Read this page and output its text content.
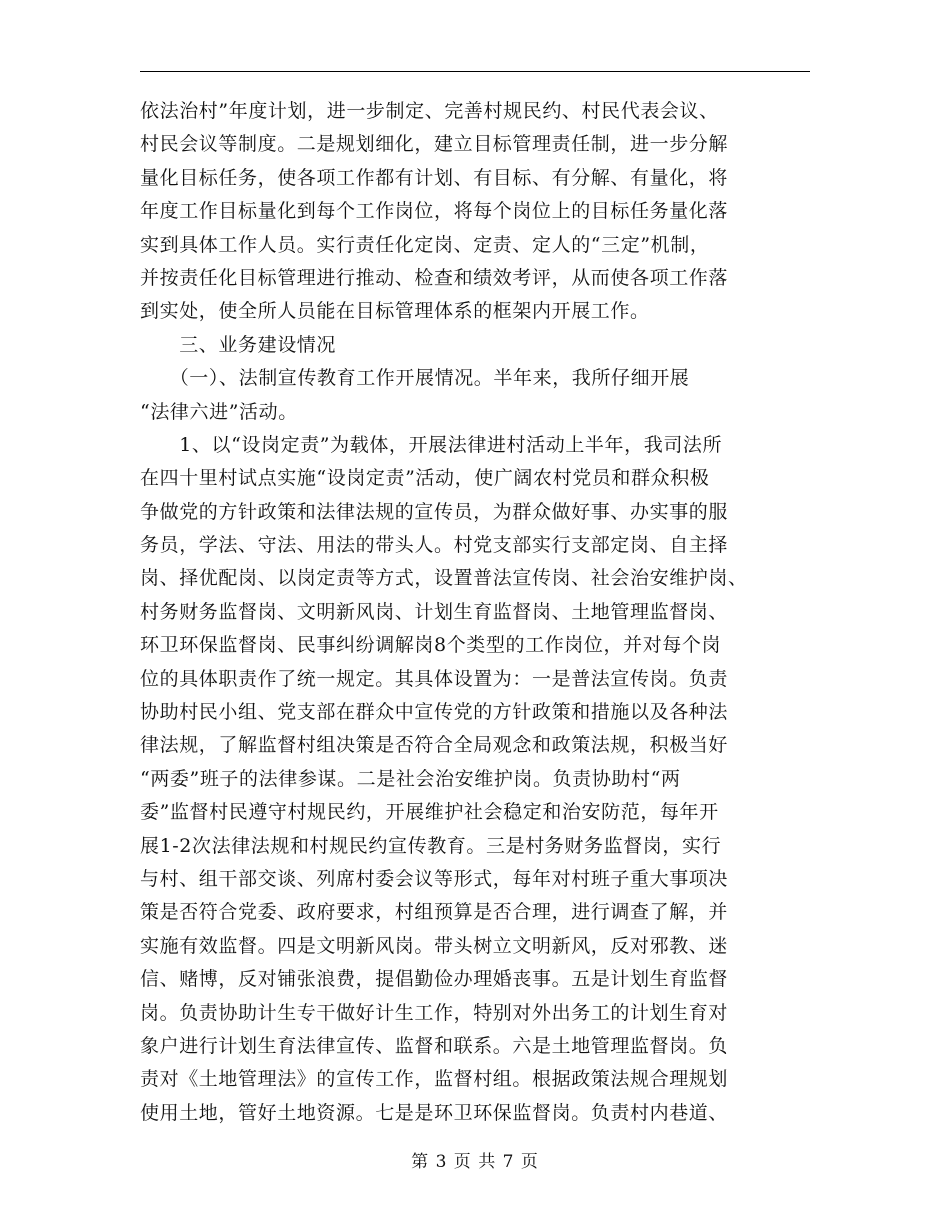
依法治村”年度计划，进一步制定、完善村规民约、村民代表会议、
村民会议等制度。二是规划细化，建立目标管理责任制，进一步分解
量化目标任务，使各项工作都有计划、有目标、有分解、有量化，将
年度工作目标量化到每个工作岗位，将每个岗位上的目标任务量化落
实到具体工作人员。实行责任化定岗、定责、定人的“三定”机制，
并按责任化目标管理进行推动、检查和绩效考评，从而使各项工作落
到实处，使全所人员能在目标管理体系的框架内开展工作。
　　三、业务建设情况
　　（一）、法制宣传教育工作开展情况。半年来，我所仔细开展
“法律六进”活动。
　　1、以“设岗定责”为载体，开展法律进村活动上半年，我司法所
在四十里村试点实施“设岗定责”活动，使广阔农村党员和群众积极
争做党的方针政策和法律法规的宣传员，为群众做好事、办实事的服
务员，学法、守法、用法的带头人。村党支部实行支部定岗、自主择
岗、择优配岗、以岗定责等方式，设置普法宣传岗、社会治安维护岗、
村务财务监督岗、文明新风岗、计划生育监督岗、土地管理监督岗、
环卫环保监督岗、民事纠纷调解岗8个类型的工作岗位，并对每个岗
位的具体职责作了统一规定。其具体设置为：一是普法宣传岗。负责
协助村民小组、党支部在群众中宣传党的方针政策和措施以及各种法
律法规，了解监督村组决策是否符合全局观念和政策法规，积极当好
“两委”班子的法律参谋。二是社会治安维护岗。负责协助村“两
委”监督村民遵守村规民约，开展维护社会稳定和治安防范，每年开
展1-2次法律法规和村规民约宣传教育。三是村务财务监督岗，实行
与村、组干部交谈、列席村委会议等形式，每年对村班子重大事项决
策是否符合党委、政府要求，村组预算是否合理，进行调查了解，并
实施有效监督。四是文明新风岗。带头树立文明新风，反对邪教、迷
信、赌博，反对铺张浪费，提倡勤俭办理婚丧事。五是计划生育监督
岗。负责协助计生专干做好计生工作，特别对外出务工的计划生育对
象户进行计划生育法律宣传、监督和联系。六是土地管理监督岗。负
责对《土地管理法》的宣传工作，监督村组。根据政策法规合理规划
使用土地，管好土地资源。七是是环卫环保监督岗。负责村内巷道、
第 3 页 共 7 页
